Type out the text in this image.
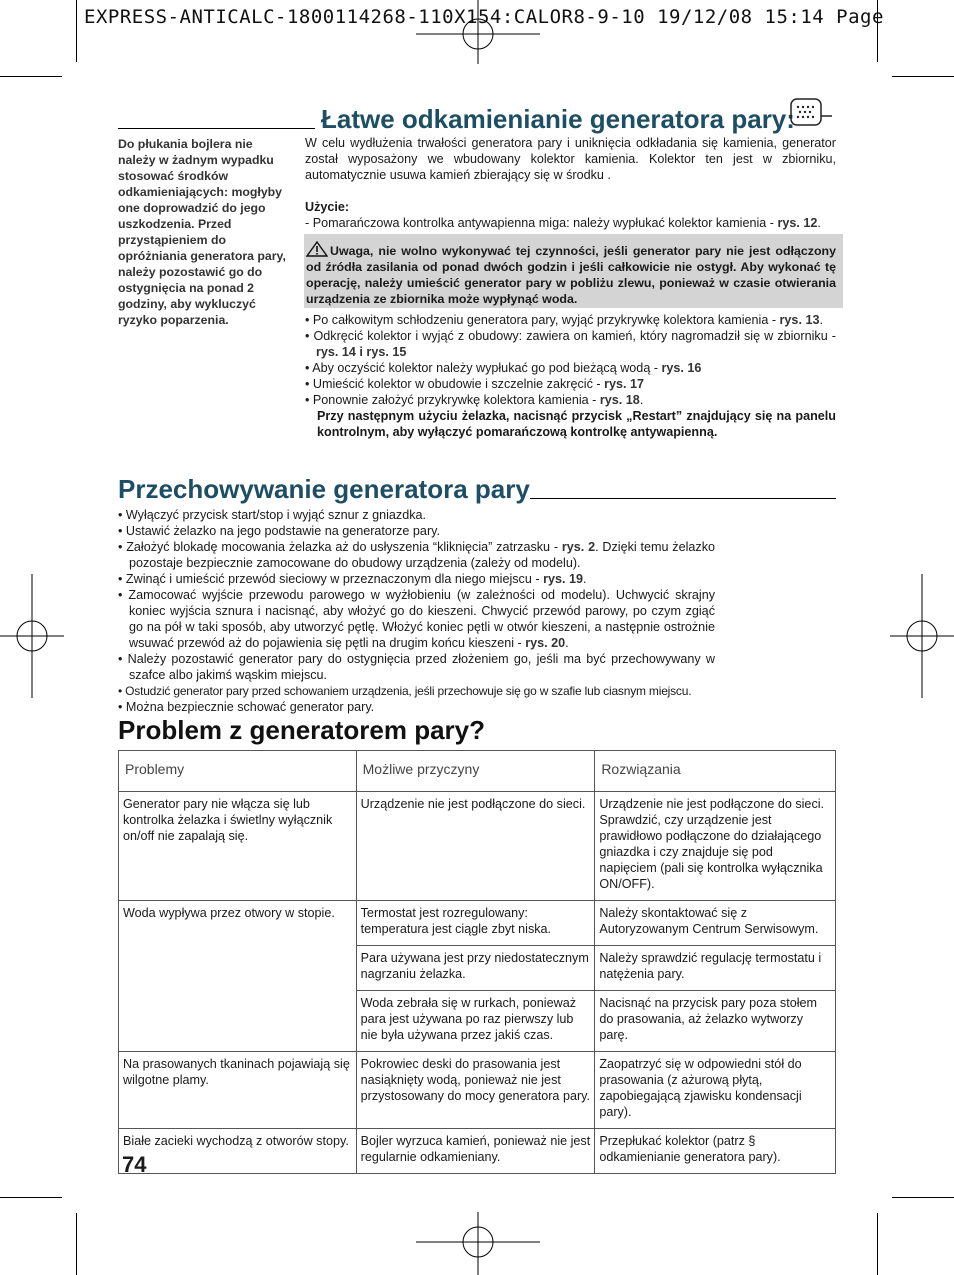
EXPRESS-ANTICALC-1800114268-110X154:CALOR8-9-10 19/12/08 15:14 Page
Łatwe odkamienianie generatora pary:
Do płukania bojlera nie należy w żadnym wypadku stosować środków odkamieniających: mogłyby one doprowadzić do jego uszkodzenia. Przed przystąpieniem do opróżniania generatora pary, należy pozostawić go do ostygnięcia na ponad 2 godziny, aby wykluczyć ryzyko poparzenia.

W celu wydłużenia trwałości generatora pary i uniknięcia odkładania się kamienia, generator został wyposażony we wbudowany kolektor kamienia. Kolektor ten jest w zbiorniku, automatycznie usuwa kamień zbierający się w środku .

Użycie:

- Pomarańczowa kontrolka antywapienna miga: należy wypłukać kolektor kamienia - rys. 12.

Uwaga, nie wolno wykonywać tej czynności, jeśli generator pary nie jest odłączony od źródła zasilania od ponad dwóch godzin i jeśli całkowicie nie ostygł. Aby wykonać tę operację, należy umieścić generator pary w pobliżu zlewu, ponieważ w czasie otwierania urządzenia ze zbiornika może wypłynąć woda.
• Po całkowitym schłodzeniu generatora pary, wyjąć przykrywkę kolektora kamienia - rys. 13.
• Odkręcić kolektor i wyjąć z obudowy: zawiera on kamień, który nagromadził się w zbiorniku - rys. 14 i rys. 15
• Aby oczyścić kolektor należy wypłukać go pod bieżącą wodą - rys. 16
• Umieścić kolektor w obudowie i szczelnie zakręcić - rys. 17
• Ponownie założyć przykrywkę kolektora kamienia - rys. 18.
Przy następnym użyciu żelazka, nacisnąć przycisk „Restart” znajdujący się na panelu kontrolnym, aby wyłączyć pomarańczową kontrolkę antywapienną.
Przechowywanie generatora pary
• Wyłączyć przycisk start/stop i wyjąć sznur z gniazdka.
• Ustawić żelazko na jego podstawie na generatorze pary.
• Założyć blokadę mocowania żelazka aż do usłyszenia “kliknięcia” zatrzasku - rys. 2. Dzięki temu żelazko pozostaje bezpiecznie zamocowane do obudowy urządzenia (zależy od modelu).
• Zwinąć i umieścić przewód sieciowy w przeznaczonym dla niego miejscu - rys. 19.
• Zamocować wyjście przewodu parowego w wyżłobieniu (w zależności od modelu). Uchwycić skrajny koniec wyjścia sznura i nacisnąć, aby włożyć go do kieszeni. Chwycić przewód parowy, po czym zgiąć go na pół w taki sposób, aby utworzyć pętlę. Włożyć koniec pętli w otwór kieszeni, a następnie ostrożnie wsuwać przewód aż do pojawienia się pętli na drugim końcu kieszeni - rys. 20.
• Należy pozostawić generator pary do ostygnięcia przed złożeniem go, jeśli ma być przechowywany w szafce albo jakimś wąskim miejscu.
• Ostudzić generator pary przed schowaniem urządzenia, jeśli przechowuje się go w szafie lub ciasnym miejscu.
• Można bezpiecznie schować generator pary.
Problem z generatorem pary?
Problemy	Możliwe przyczyny	Rozwiązania
Generator pary nie włącza się lub kontrolka żelazka i świetlny wyłącznik on/off nie zapalają się.	Urządzenie nie jest podłączone do sieci.	Urządzenie nie jest podłączone do sieci. Sprawdzić, czy urządzenie jest prawidłowo podłączone do działającego gniazdka i czy znajduje się pod napięciem (pali się kontrolka wyłącznika ON/OFF).
Woda wypływa przez otwory w stopie.	Termostat jest rozregulowany: temperatura jest ciągle zbyt niska.	Należy skontaktować się z Autoryzowanym Centrum Serwisowym.
	Para używana jest przy niedostatecznym nagrzaniu żelazka.	Należy sprawdzić regulację termostatu i natężenia pary.
	Woda zebrała się w rurkach, ponieważ para jest używana po raz pierwszy lub nie była używana przez jakiś czas.	Nacisnąć na przycisk pary poza stołem do prasowania, aż żelazko wytworzy parę.
Na prasowanych tkaninach pojawiają się wilgotne plamy.	Pokrowiec deski do prasowania jest nasiąknięty wodą, ponieważ nie jest przystosowany do mocy generatora pary.	Zaopatrzyć się w odpowiedni stół do prasowania (z ażurową płytą, zapobiegającą zjawisku kondensacji pary).
Białe zacieki wychodzą z otworów stopy.	Bojler wyrzuca kamień, ponieważ nie jest regularnie odkamieniany.	Przepłukać kolektor (patrz § odkamienianie generatora pary).
74
